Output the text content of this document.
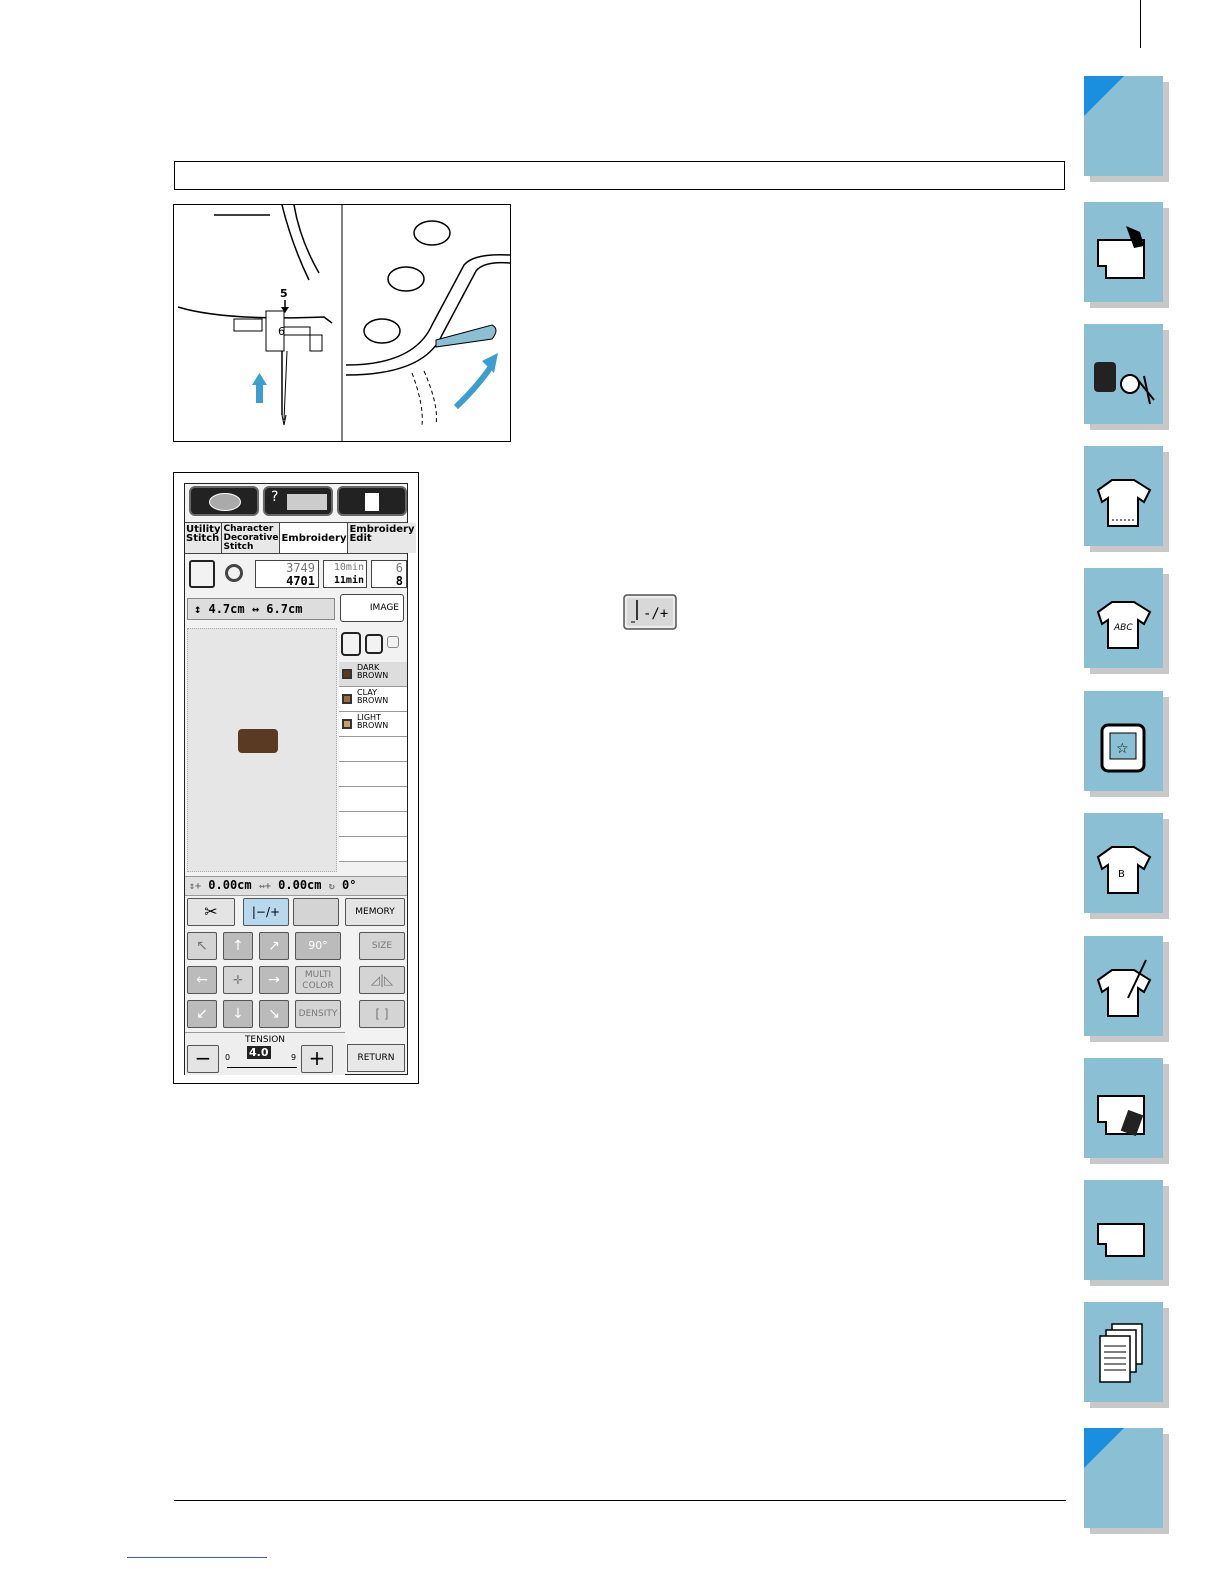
6
5
?
Utility Stitch
Character Decorative Stitch
Embroidery
Embroidery Edit
3749
4701
10min
11min
6
8
↕ 4.7cm ↔ 6.7cm	IMAGE
DARK BROWN
CLAY BROWN
LIGHT BROWN
↕+ 0.00cm ↔+ 0.00cm ↻ 0°
✂	|−/+	MEMORY
↖	↑	↗	90°	SIZE
←	✛	→	MULTI COLOR	◿|◺
↙	↓	↘	DENSITY	[ ]
TENSION
−	0 4.0	9 +	RETURN
-/+
ABC
☆
B
